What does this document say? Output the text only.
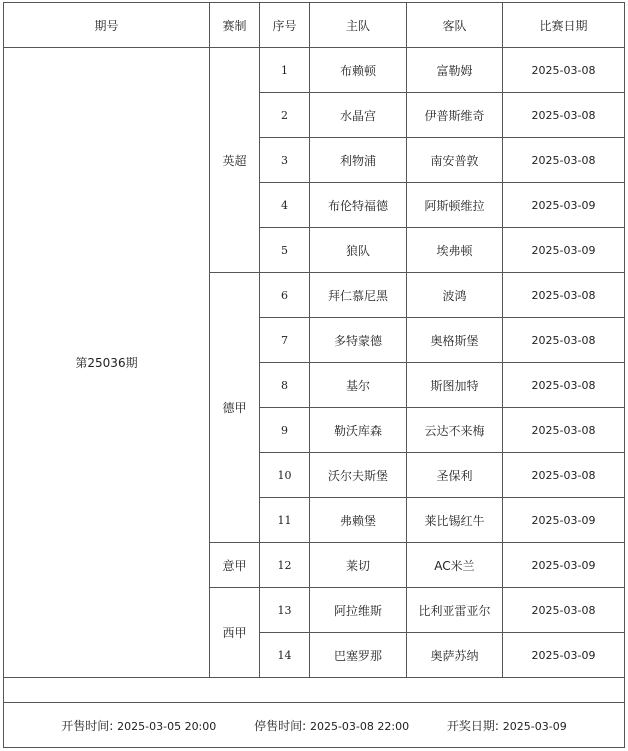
期号	赛制	序号	主队	客队	比赛日期
第25036期	英超	1	布赖顿	富勒姆	2025-03-08
		2	水晶宫	伊普斯维奇	2025-03-08
		3	利物浦	南安普敦	2025-03-08
		4	布伦特福德	阿斯顿维拉	2025-03-09
		5	狼队	埃弗顿	2025-03-09
	德甲	6	拜仁慕尼黑	波鸿	2025-03-08
		7	多特蒙德	奥格斯堡	2025-03-08
		8	基尔	斯图加特	2025-03-08
		9	勒沃库森	云达不来梅	2025-03-08
		10	沃尔夫斯堡	圣保利	2025-03-08
		11	弗赖堡	莱比锡红牛	2025-03-09
	意甲	12	莱切	AC米兰	2025-03-09
	西甲	13	阿拉维斯	比利亚雷亚尔	2025-03-08
		14	巴塞罗那	奥萨苏纳	2025-03-09

开售时间: 2025-03-05 20:00 停售时间: 2025-03-08 22:00 开奖日期: 2025-03-09					
